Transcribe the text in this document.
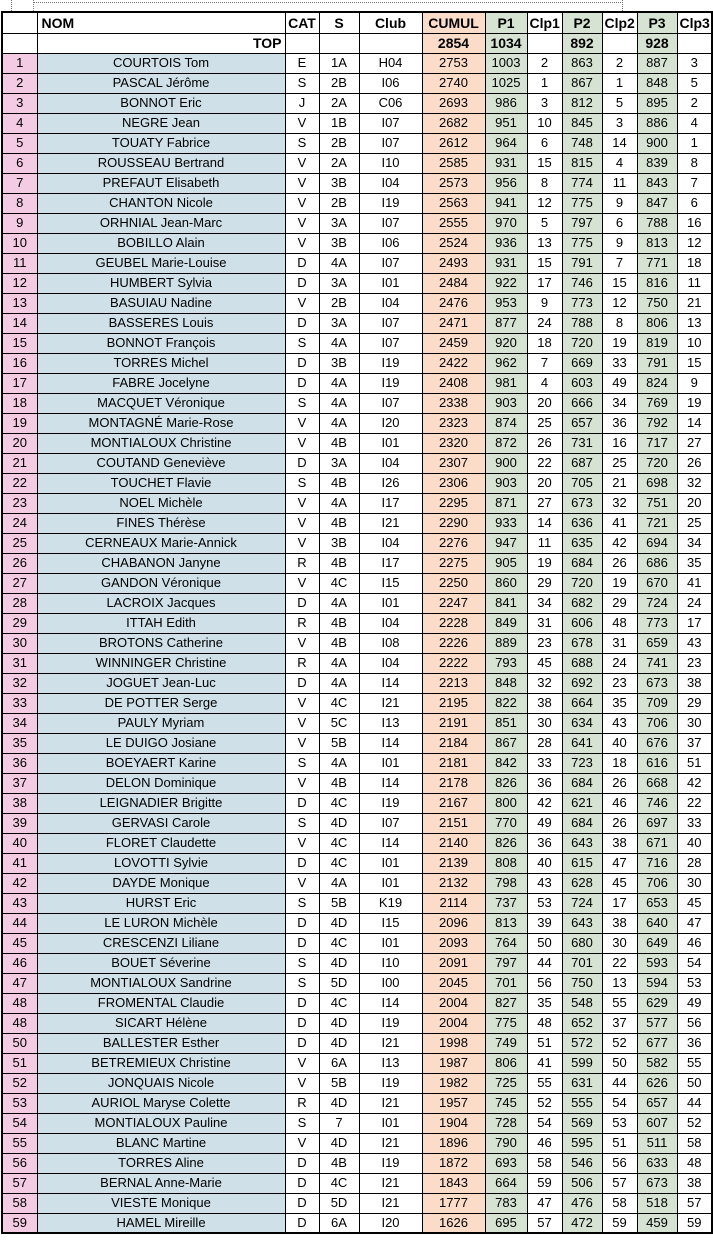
	NOM	CAT	S	Club	CUMUL	P1	Clp1	P2	Clp2	P3	Clp3
	TOP				2854	1034		892		928	
1	COURTOIS Tom	E	1A	H04	2753	1003	2	863	2	887	3
2	PASCAL Jérôme	S	2B	I06	2740	1025	1	867	1	848	5
3	BONNOT Eric	J	2A	C06	2693	986	3	812	5	895	2
4	NEGRE Jean	V	1B	I07	2682	951	10	845	3	886	4
5	TOUATY Fabrice	S	2B	I07	2612	964	6	748	14	900	1
6	ROUSSEAU Bertrand	V	2A	I10	2585	931	15	815	4	839	8
7	PREFAUT Elisabeth	V	3B	I04	2573	956	8	774	11	843	7
8	CHANTON Nicole	V	2B	I19	2563	941	12	775	9	847	6
9	ORHNIAL Jean-Marc	V	3A	I07	2555	970	5	797	6	788	16
10	BOBILLO Alain	V	3B	I06	2524	936	13	775	9	813	12
11	GEUBEL Marie-Louise	D	4A	I07	2493	931	15	791	7	771	18
12	HUMBERT Sylvia	D	3A	I01	2484	922	17	746	15	816	11
13	BASUIAU Nadine	V	2B	I04	2476	953	9	773	12	750	21
14	BASSERES Louis	D	3A	I07	2471	877	24	788	8	806	13
15	BONNOT François	S	4A	I07	2459	920	18	720	19	819	10
16	TORRES Michel	D	3B	I19	2422	962	7	669	33	791	15
17	FABRE Jocelyne	D	4A	I19	2408	981	4	603	49	824	9
18	MACQUET Véronique	S	4A	I07	2338	903	20	666	34	769	19
19	MONTAGNÉ Marie-Rose	V	4A	I20	2323	874	25	657	36	792	14
20	MONTIALOUX Christine	V	4B	I01	2320	872	26	731	16	717	27
21	COUTAND Geneviève	D	3A	I04	2307	900	22	687	25	720	26
22	TOUCHET Flavie	S	4B	I26	2306	903	20	705	21	698	32
23	NOEL Michèle	V	4A	I17	2295	871	27	673	32	751	20
24	FINES Thérèse	V	4B	I21	2290	933	14	636	41	721	25
25	CERNEAUX Marie-Annick	V	3B	I04	2276	947	11	635	42	694	34
26	CHABANON Janyne	R	4B	I17	2275	905	19	684	26	686	35
27	GANDON Véronique	V	4C	I15	2250	860	29	720	19	670	41
28	LACROIX Jacques	D	4A	I01	2247	841	34	682	29	724	24
29	ITTAH Edith	R	4B	I04	2228	849	31	606	48	773	17
30	BROTONS Catherine	V	4B	I08	2226	889	23	678	31	659	43
31	WINNINGER Christine	R	4A	I04	2222	793	45	688	24	741	23
32	JOGUET Jean-Luc	D	4A	I14	2213	848	32	692	23	673	38
33	DE POTTER Serge	V	4C	I21	2195	822	38	664	35	709	29
34	PAULY Myriam	V	5C	I13	2191	851	30	634	43	706	30
35	LE DUIGO Josiane	V	5B	I14	2184	867	28	641	40	676	37
36	BOEYAERT Karine	S	4A	I01	2181	842	33	723	18	616	51
37	DELON Dominique	V	4B	I14	2178	826	36	684	26	668	42
38	LEIGNADIER Brigitte	D	4C	I19	2167	800	42	621	46	746	22
39	GERVASI Carole	S	4D	I07	2151	770	49	684	26	697	33
40	FLORET Claudette	V	4C	I14	2140	826	36	643	38	671	40
41	LOVOTTI Sylvie	D	4C	I01	2139	808	40	615	47	716	28
42	DAYDE Monique	V	4A	I01	2132	798	43	628	45	706	30
43	HURST Eric	S	5B	K19	2114	737	53	724	17	653	45
44	LE LURON Michèle	D	4D	I15	2096	813	39	643	38	640	47
45	CRESCENZI Liliane	D	4C	I01	2093	764	50	680	30	649	46
46	BOUET Séverine	S	4D	I10	2091	797	44	701	22	593	54
47	MONTIALOUX Sandrine	S	5D	I00	2045	701	56	750	13	594	53
48	FROMENTAL Claudie	D	4C	I14	2004	827	35	548	55	629	49
48	SICART Hélène	D	4D	I19	2004	775	48	652	37	577	56
50	BALLESTER Esther	D	4D	I21	1998	749	51	572	52	677	36
51	BETREMIEUX Christine	V	6A	I13	1987	806	41	599	50	582	55
52	JONQUAIS Nicole	V	5B	I19	1982	725	55	631	44	626	50
53	AURIOL Maryse Colette	R	4D	I21	1957	745	52	555	54	657	44
54	MONTIALOUX Pauline	S	7	I01	1904	728	54	569	53	607	52
55	BLANC Martine	V	4D	I21	1896	790	46	595	51	511	58
56	TORRES Aline	D	4B	I19	1872	693	58	546	56	633	48
57	BERNAL Anne-Marie	D	4C	I21	1843	664	59	506	57	673	38
58	VIESTE Monique	D	5D	I21	1777	783	47	476	58	518	57
59	HAMEL Mireille	D	6A	I20	1626	695	57	472	59	459	59
